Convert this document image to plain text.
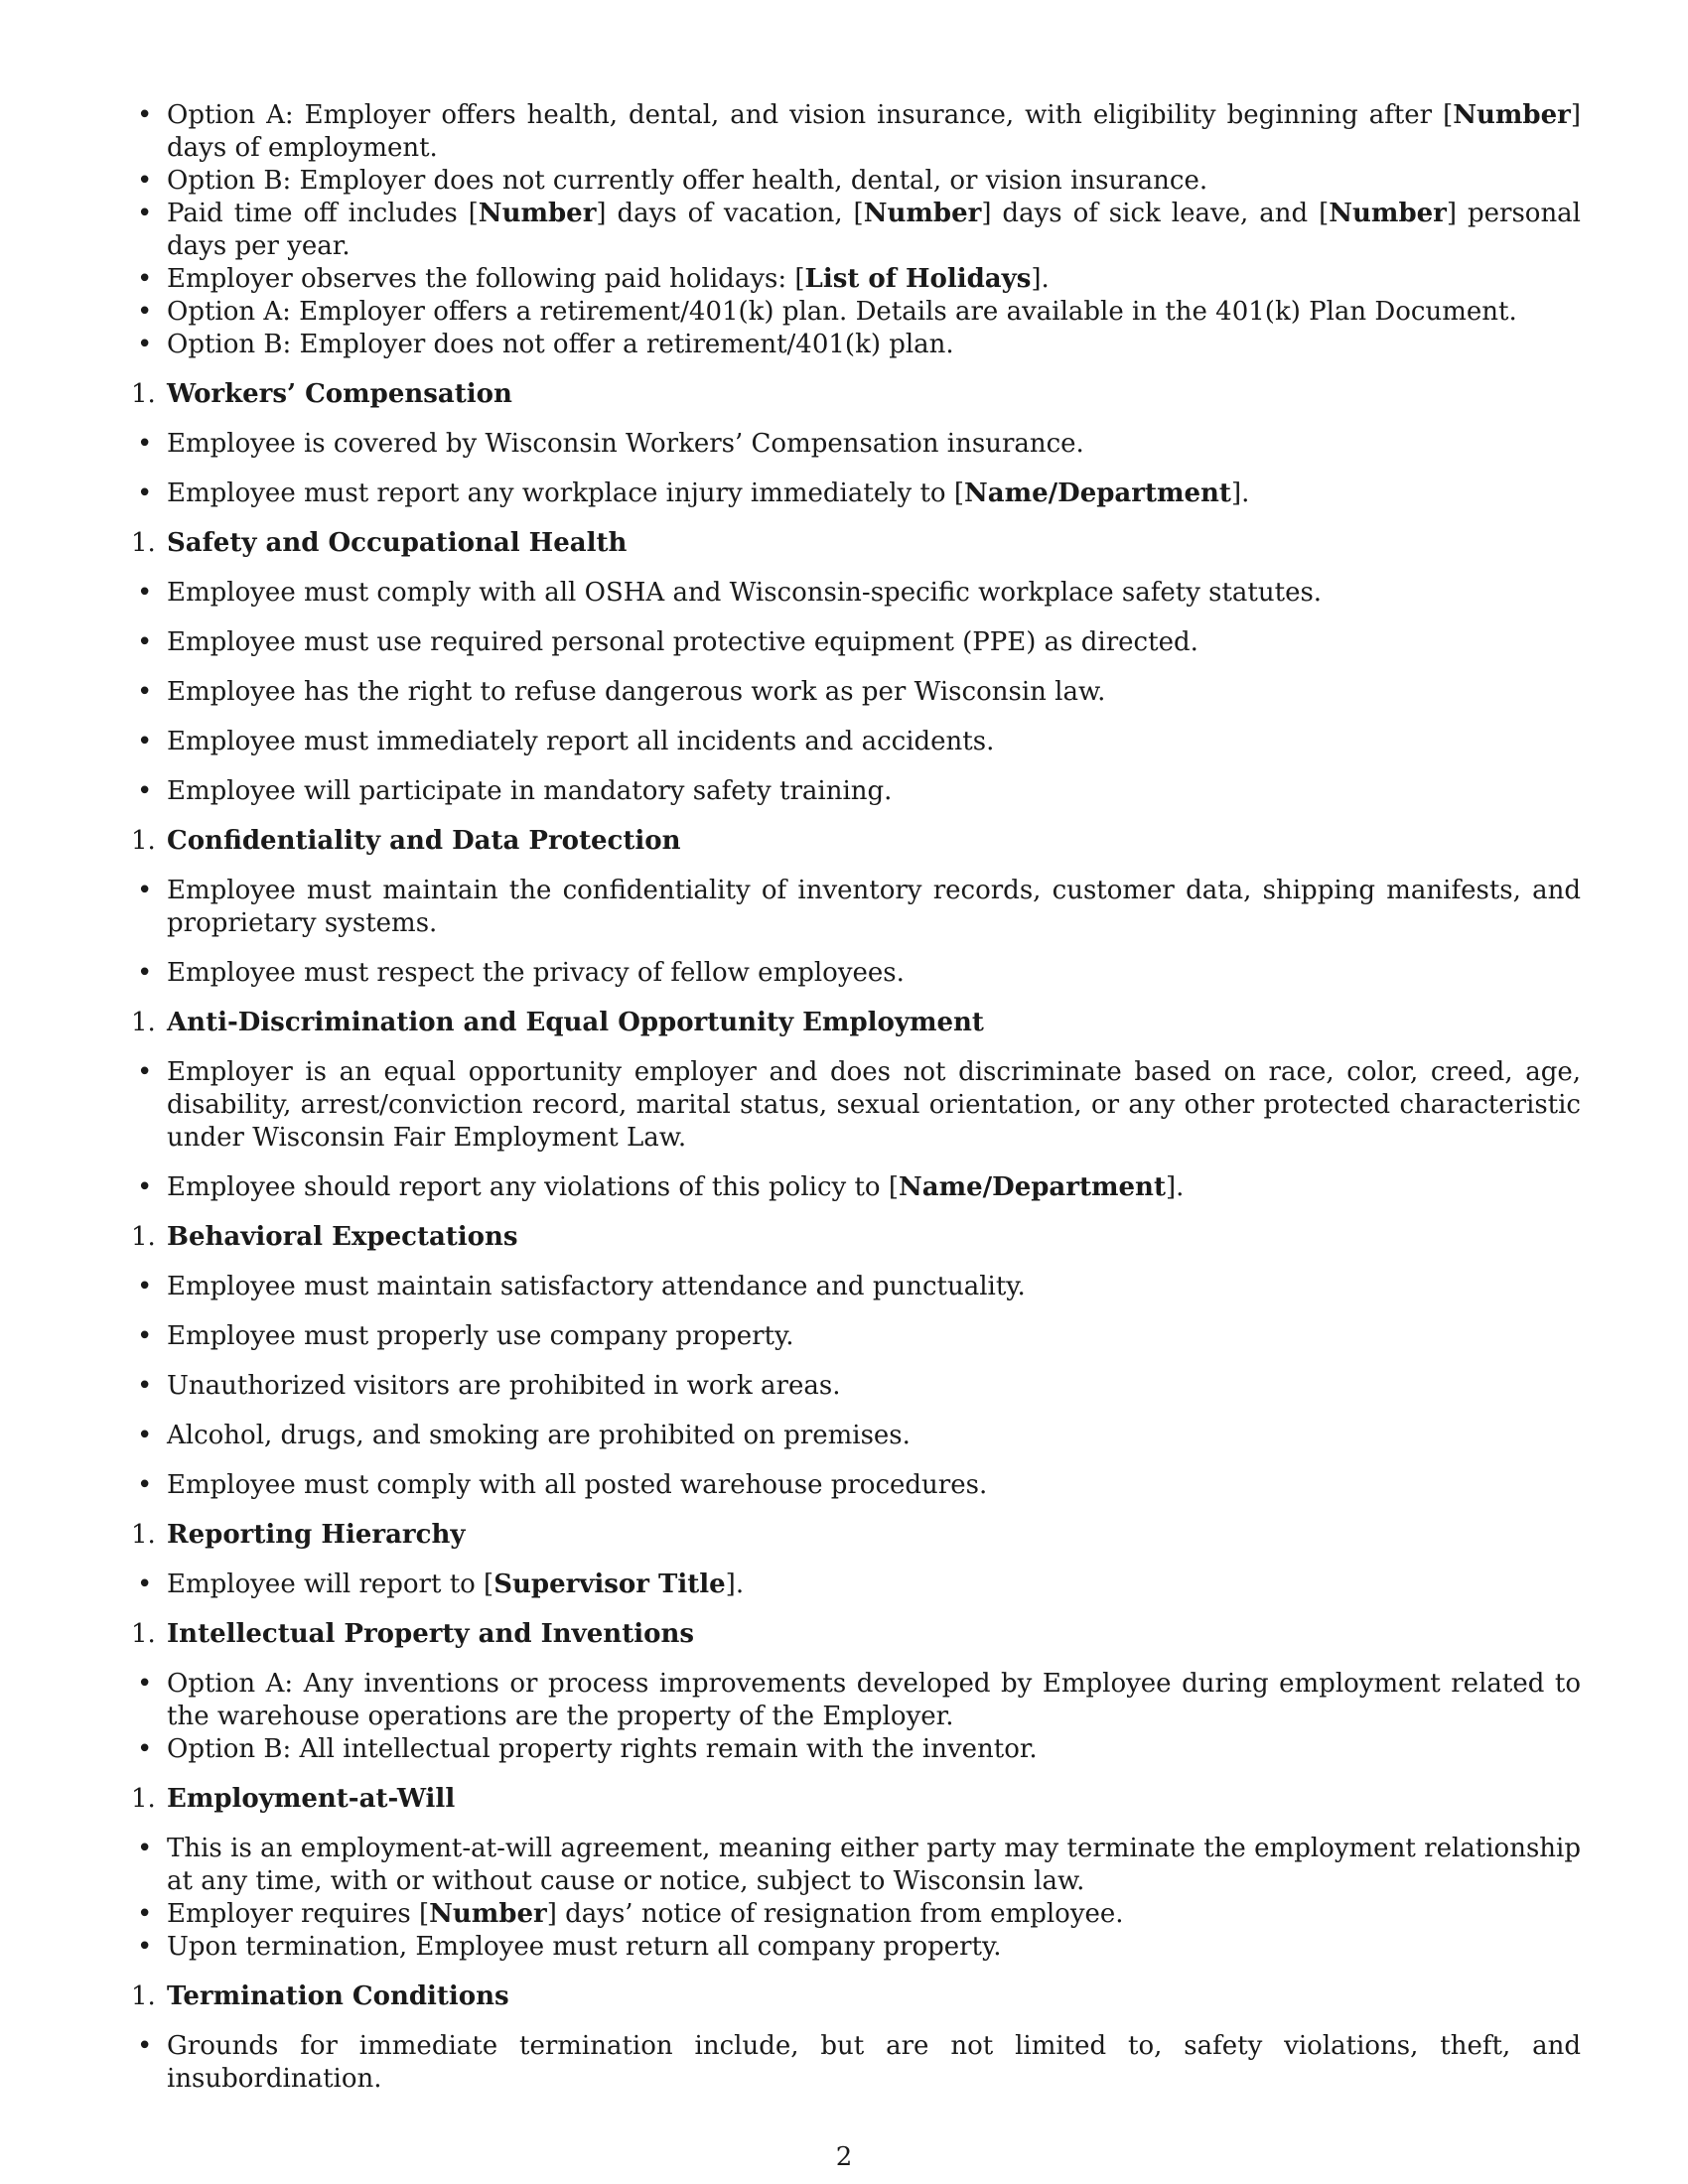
• Option A: Employer offers health, dental, and vision insurance, with eligibility beginning after [Number] days of employment.
• Option B: Employer does not currently offer health, dental, or vision insurance.
• Paid time off includes [Number] days of vacation, [Number] days of sick leave, and [Number] personal days per year.
• Employer observes the following paid holidays: [List of Holidays].
• Option A: Employer offers a retirement/401(k) plan. Details are available in the 401(k) Plan Document.
• Option B: Employer does not offer a retirement/401(k) plan.
1. Workers’ Compensation
• Employee is covered by Wisconsin Workers’ Compensation insurance.
• Employee must report any workplace injury immediately to [Name/Department].
1. Safety and Occupational Health
• Employee must comply with all OSHA and Wisconsin-specific workplace safety statutes.
• Employee must use required personal protective equipment (PPE) as directed.
• Employee has the right to refuse dangerous work as per Wisconsin law.
• Employee must immediately report all incidents and accidents.
• Employee will participate in mandatory safety training.
1. Confidentiality and Data Protection
• Employee must maintain the confidentiality of inventory records, customer data, shipping manifests, and proprietary systems.
• Employee must respect the privacy of fellow employees.
1. Anti-Discrimination and Equal Opportunity Employment
• Employer is an equal opportunity employer and does not discriminate based on race, color, creed, age, disability, arrest/conviction record, marital status, sexual orientation, or any other protected characteristic under Wisconsin Fair Employment Law.
• Employee should report any violations of this policy to [Name/Department].
1. Behavioral Expectations
• Employee must maintain satisfactory attendance and punctuality.
• Employee must properly use company property.
• Unauthorized visitors are prohibited in work areas.
• Alcohol, drugs, and smoking are prohibited on premises.
• Employee must comply with all posted warehouse procedures.
1. Reporting Hierarchy
• Employee will report to [Supervisor Title].
1. Intellectual Property and Inventions
• Option A: Any inventions or process improvements developed by Employee during employment related to the warehouse operations are the property of the Employer.
• Option B: All intellectual property rights remain with the inventor.
1. Employment-at-Will
• This is an employment-at-will agreement, meaning either party may terminate the employment relationship at any time, with or without cause or notice, subject to Wisconsin law.
• Employer requires [Number] days’ notice of resignation from employee.
• Upon termination, Employee must return all company property.
1. Termination Conditions
• Grounds for immediate termination include, but are not limited to, safety violations, theft, and insubordination.
2
